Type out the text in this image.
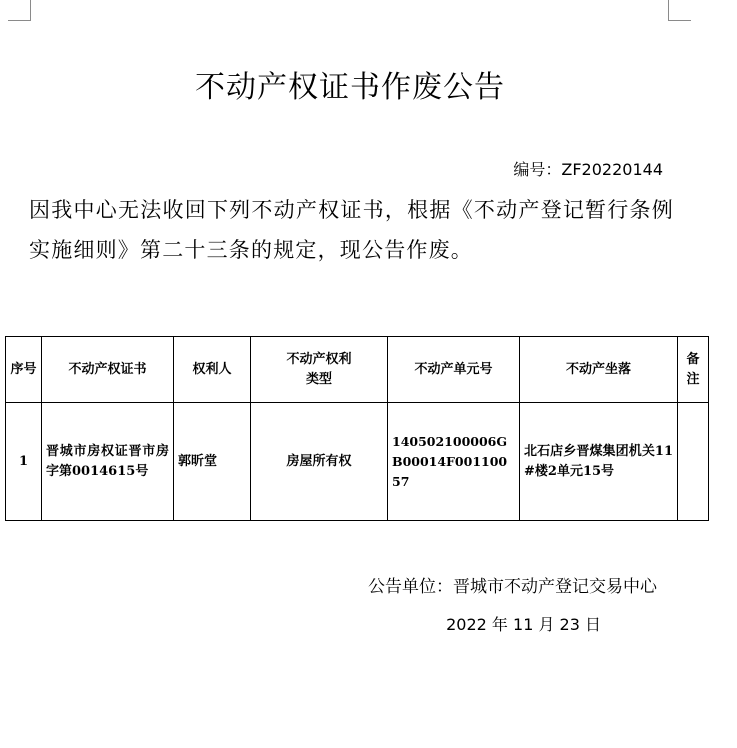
不动产权证书作废公告
编号：ZF20220144
因我中心无法收回下列不动产权证书，根据《不动产登记暂行条例实施细则》第二十三条的规定，现公告作废。
序号	不动产权证书	权利人	不动产权利类型	不动产单元号	不动产坐落	备注
1	晋城市房权证晋市房字第0014615号	郭昕堂	房屋所有权	140502100006GB00014F00110057	北石店乡晋煤集团机关11#楼2单元15号	
公告单位：晋城市不动产登记交易中心
2022 年 11 月 23 日
